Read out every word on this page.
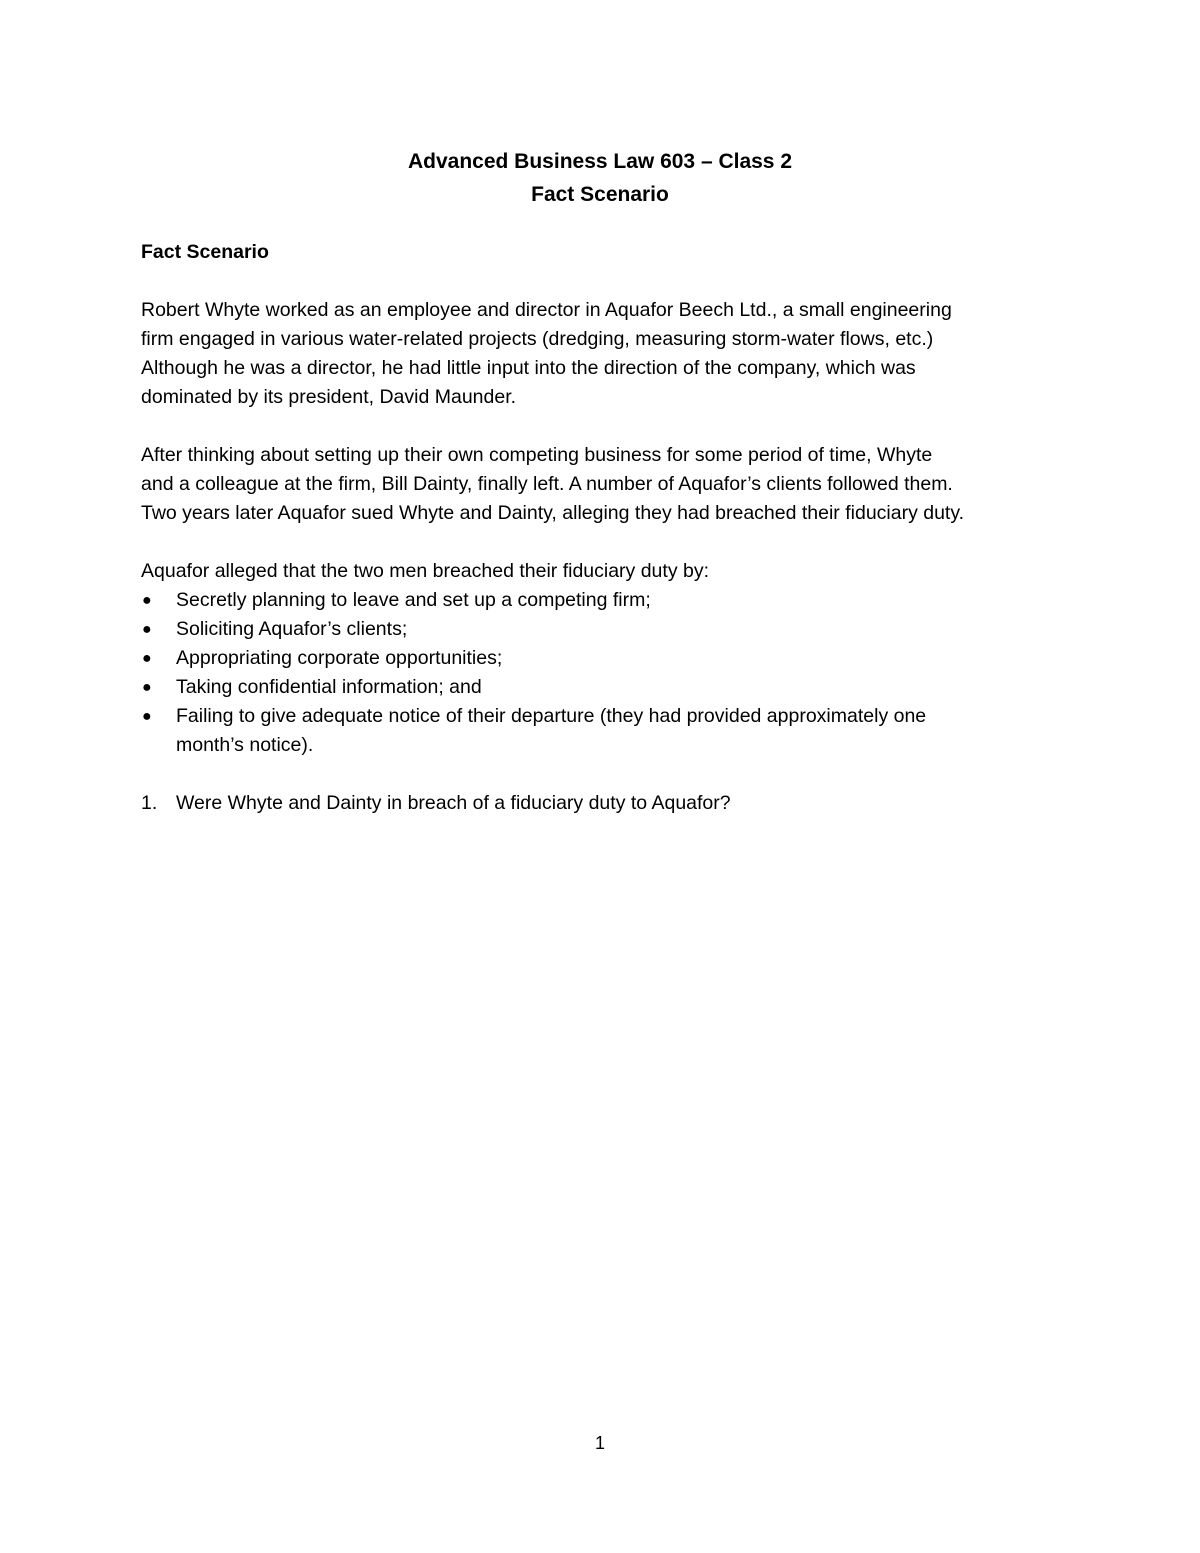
Advanced Business Law 603 – Class 2
Fact Scenario
Fact Scenario
Robert Whyte worked as an employee and director in Aquafor Beech Ltd., a small engineering
firm engaged in various water-related projects (dredging, measuring storm-water flows, etc.)
Although he was a director, he had little input into the direction of the company, which was
dominated by its president, David Maunder.
After thinking about setting up their own competing business for some period of time, Whyte
and a colleague at the firm, Bill Dainty, finally left. A number of Aquafor’s clients followed them.
Two years later Aquafor sued Whyte and Dainty, alleging they had breached their fiduciary duty.
Aquafor alleged that the two men breached their fiduciary duty by:
● Secretly planning to leave and set up a competing firm;
● Soliciting Aquafor’s clients;
● Appropriating corporate opportunities;
● Taking confidential information; and
● Failing to give adequate notice of their departure (they had provided approximately one
month’s notice).
1. Were Whyte and Dainty in breach of a fiduciary duty to Aquafor?
1
